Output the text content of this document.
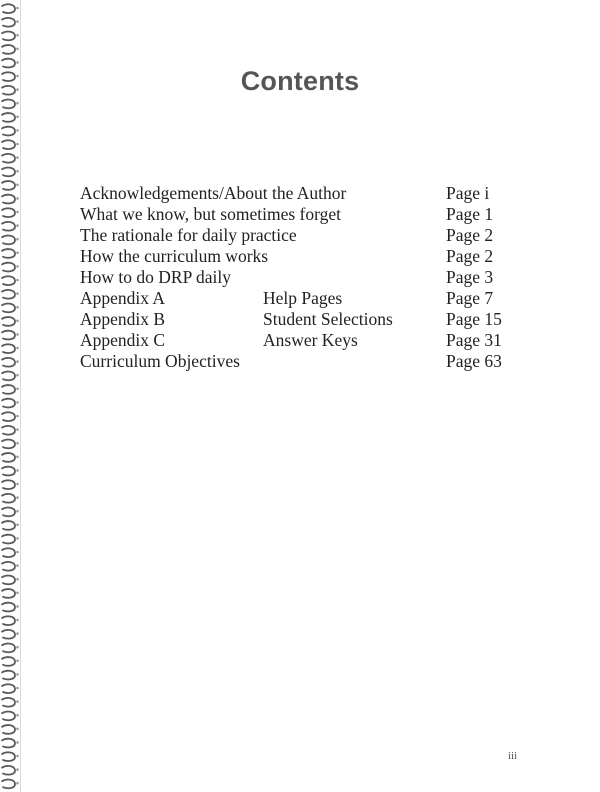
Contents
Acknowledgements/About the Author	Page i
What we know, but sometimes forget	Page 1
The rationale for daily practice	Page 2
How the curriculum works	Page 2
How to do DRP daily	Page 3
Appendix A	Help Pages	Page 7
Appendix B	Student Selections	Page 15
Appendix C	Answer Keys	Page 31
Curriculum Objectives	Page 63
iii
